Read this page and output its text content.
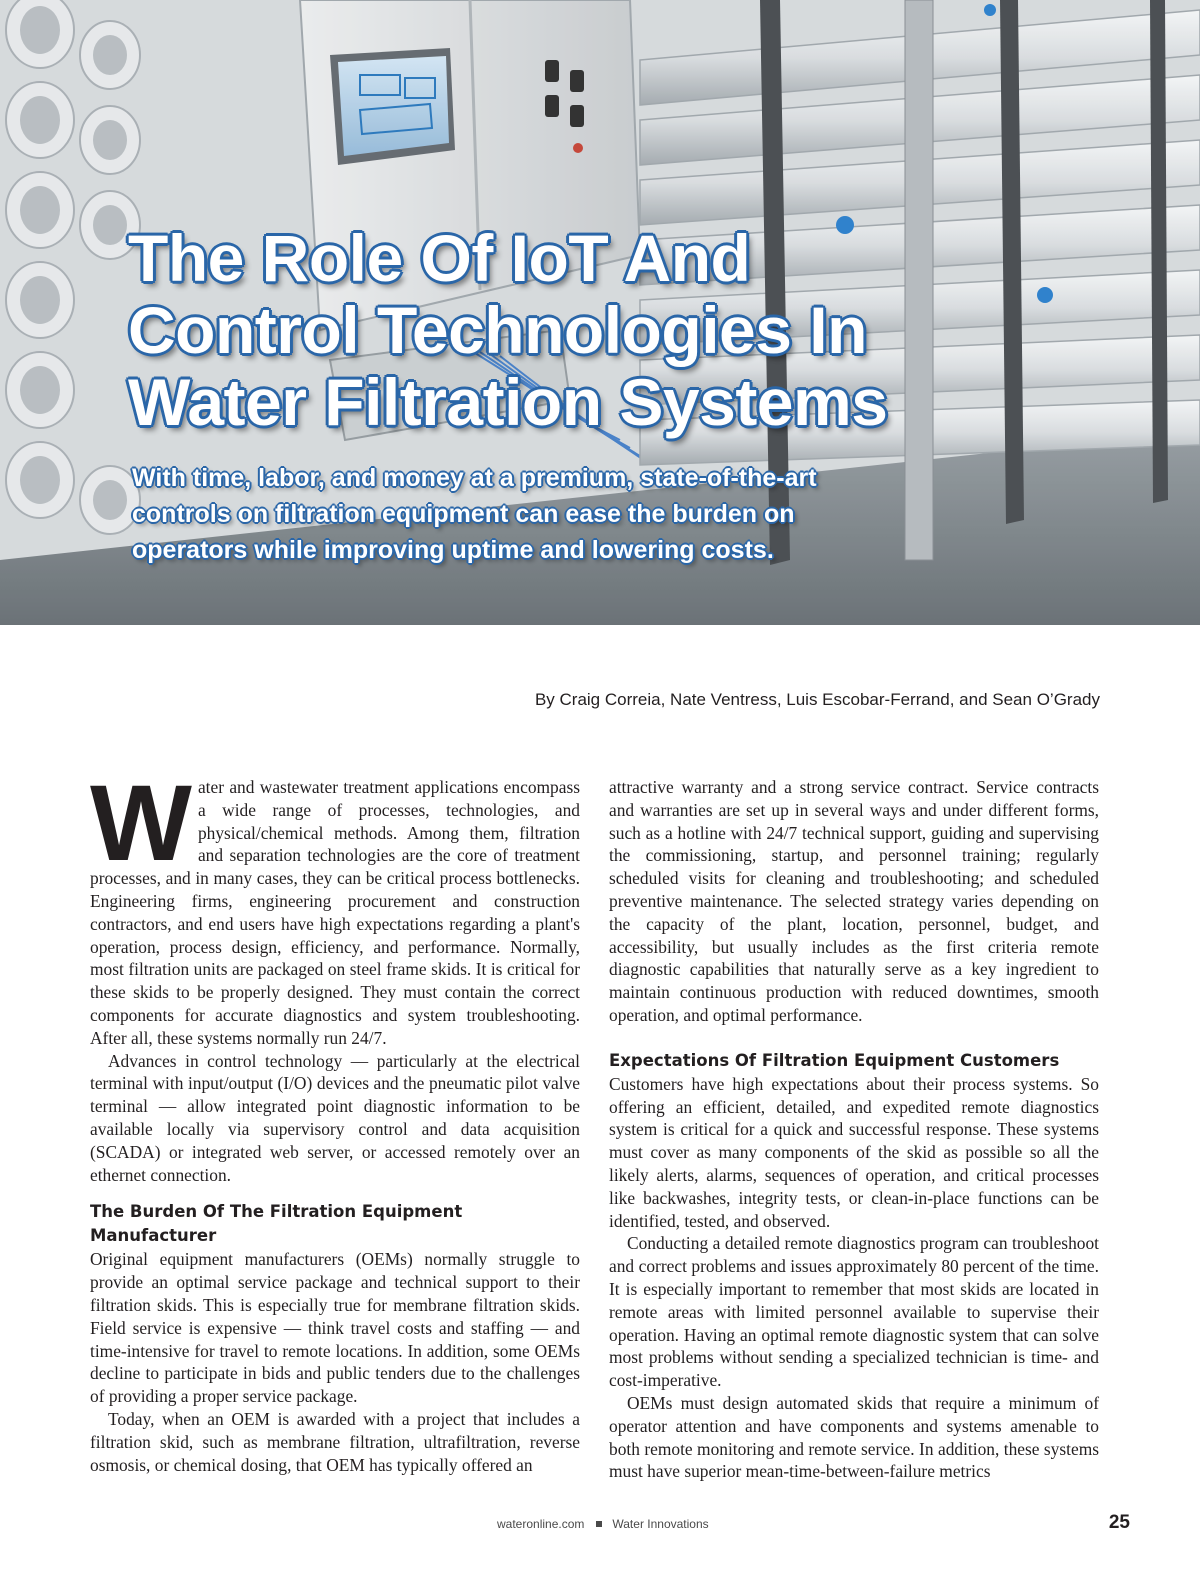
The Role Of IoT And
Control Technologies In
Water Filtration Systems

With time, labor, and money at a premium, state-of-the-art
controls on filtration equipment can ease the burden on
operators while improving uptime and lowering costs.

By Craig Correia, Nate Ventress, Luis Escobar-Ferrand, and Sean O’Grady

Water and wastewater treatment applications encompass a wide range of processes, technologies, and physical/chemical methods. Among them, filtration and separation technologies are the core of treatment processes, and in many cases, they can be critical process bottlenecks. Engineering firms, engineering procurement and construction contractors, and end users have high expectations regarding a plant's operation, process design, efficiency, and performance. Normally, most filtration units are packaged on steel frame skids. It is critical for these skids to be properly designed. They must contain the correct components for accurate diagnostics and system troubleshooting. After all, these systems normally run 24/7.

Advances in control technology — particularly at the electrical terminal with input/output (I/O) devices and the pneumatic pilot valve terminal — allow integrated point diagnostic information to be available locally via supervisory control and data acquisition (SCADA) or integrated web server, or accessed remotely over an ethernet connection.

The Burden Of The Filtration Equipment Manufacturer

Original equipment manufacturers (OEMs) normally struggle to provide an optimal service package and technical support to their filtration skids. This is especially true for membrane filtration skids. Field service is expensive — think travel costs and staffing — and time-intensive for travel to remote locations. In addition, some OEMs decline to participate in bids and public tenders due to the challenges of providing a proper service package.

Today, when an OEM is awarded with a project that includes a filtration skid, such as membrane filtration, ultrafiltration, reverse osmosis, or chemical dosing, that OEM has typically offered an

attractive warranty and a strong service contract. Service contracts and warranties are set up in several ways and under different forms, such as a hotline with 24/7 technical support, guiding and supervising the commissioning, startup, and personnel training; regularly scheduled visits for cleaning and troubleshooting; and scheduled preventive maintenance. The selected strategy varies depending on the capacity of the plant, location, personnel, budget, and accessibility, but usually includes as the first criteria remote diagnostic capabilities that naturally serve as a key ingredient to maintain continuous production with reduced downtimes, smooth operation, and optimal performance.

Expectations Of Filtration Equipment Customers

Customers have high expectations about their process systems. So offering an efficient, detailed, and expedited remote diagnostics system is critical for a quick and successful response. These systems must cover as many components of the skid as possible so all the likely alerts, alarms, sequences of operation, and critical processes like backwashes, integrity tests, or clean-in-place functions can be identified, tested, and observed.

Conducting a detailed remote diagnostics program can troubleshoot and correct problems and issues approximately 80 percent of the time. It is especially important to remember that most skids are located in remote areas with limited personnel available to supervise their operation. Having an optimal remote diagnostic system that can solve most problems without sending a specialized technician is time- and cost-imperative.

OEMs must design automated skids that require a minimum of operator attention and have components and systems amenable to both remote monitoring and remote service. In addition, these systems must have superior mean-time-between-failure metrics

wateronline.com Water Innovations	25
